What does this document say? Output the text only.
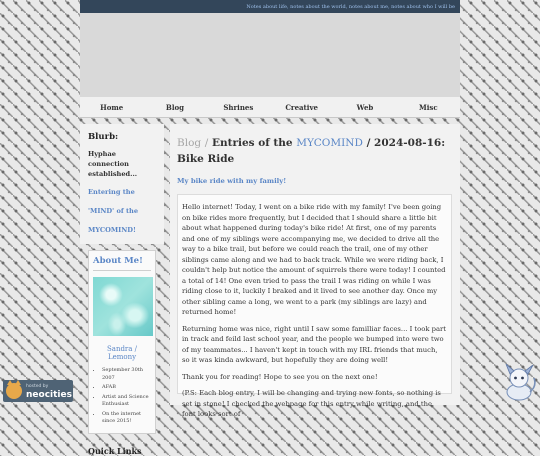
Notes about life, notes about the world, notes about me, notes about who I will be
Home	Blog	Shrines	Creative	Web	Misc
Blurb:
Hyphae connection established...
Entering the 'MIND' of the MYCOMIND!
About Me!
Sandra / Lemony
• September 30th 2007
• AFAB
• Artist and Science Enthusiast
• On the internet since 2015!
Quick Links
Blog / Entries of the MYCOMIND / 2024-08-16: Bike Ride
My bike ride with my family!

Hello internet! Today, I went on a bike ride with my family! I've been going on bike rides more frequently, but I decided that I should share a little bit about what happened during today's bike ride! At first, one of my parents and one of my siblings were accompanying me, we decided to drive all the way to a bike trail, but before we could reach the trail, one of my other siblings came along and we had to back track. While we were riding back, I couldn't help but notice the amount of squirrels there were today! I counted a total of 14! One even tried to pass the trail I was riding on while I was riding close to it, luckily I braked and it lived to see another day. Once my other sibling came a long, we went to a park (my siblings are lazy) and returned home!

Returning home was nice, right until I saw some familliar faces... I took part in track and feild last school year, and the people we bumped into were two of my teammates... I haven't kept in touch with my IRL friends that much, so it was kinda awkward, but hopefully they are doing well!

Thank you for reading! Hope to see you on the next one!

(P.S: Each blog entry, I will be changing and trying new fonts, so nothing is set in stone! I checked the webpage for this entry while writing, and the font looks sort of

hosted by
neocities
